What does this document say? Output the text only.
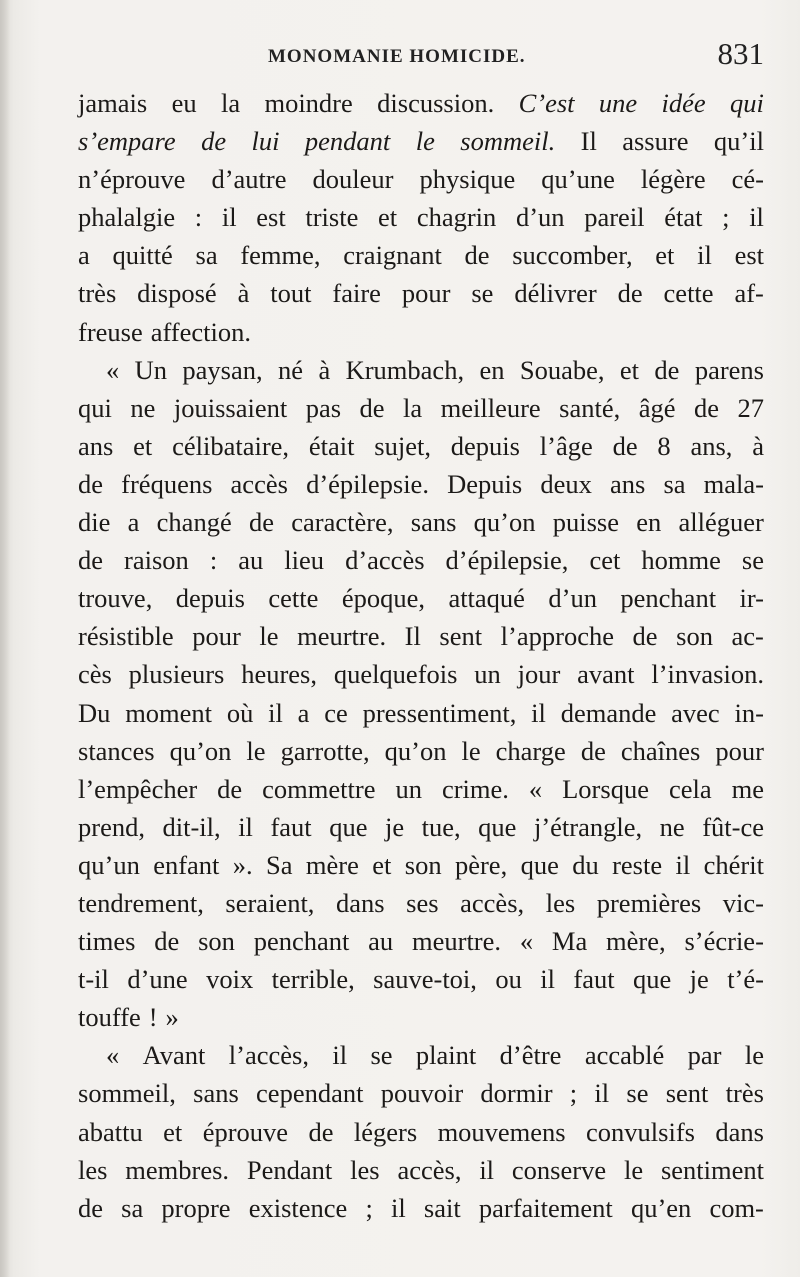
MONOMANIE HOMICIDE.	831
jamais eu la moindre discussion. C’est une idée qui
s’empare de lui pendant le sommeil. Il assure qu’il
n’éprouve d’autre douleur physique qu’une légère cé-
phalalgie : il est triste et chagrin d’un pareil état ; il
a quitté sa femme, craignant de succomber, et il est
très disposé à tout faire pour se délivrer de cette af-
freuse affection.
« Un paysan, né à Krumbach, en Souabe, et de parens
qui ne jouissaient pas de la meilleure santé, âgé de 27
ans et célibataire, était sujet, depuis l’âge de 8 ans, à
de fréquens accès d’épilepsie. Depuis deux ans sa mala-
die a changé de caractère, sans qu’on puisse en alléguer
de raison : au lieu d’accès d’épilepsie, cet homme se
trouve, depuis cette époque, attaqué d’un penchant ir-
résistible pour le meurtre. Il sent l’approche de son ac-
cès plusieurs heures, quelquefois un jour avant l’invasion.
Du moment où il a ce pressentiment, il demande avec in-
stances qu’on le garrotte, qu’on le charge de chaînes pour
l’empêcher de commettre un crime. « Lorsque cela me
prend, dit-il, il faut que je tue, que j’étrangle, ne fût-ce
qu’un enfant ». Sa mère et son père, que du reste il chérit
tendrement, seraient, dans ses accès, les premières vic-
times de son penchant au meurtre. « Ma mère, s’écrie-
t-il d’une voix terrible, sauve-toi, ou il faut que je t’é-
touffe ! »
« Avant l’accès, il se plaint d’être accablé par le
sommeil, sans cependant pouvoir dormir ; il se sent très
abattu et éprouve de légers mouvemens convulsifs dans
les membres. Pendant les accès, il conserve le sentiment
de sa propre existence ; il sait parfaitement qu’en com-
